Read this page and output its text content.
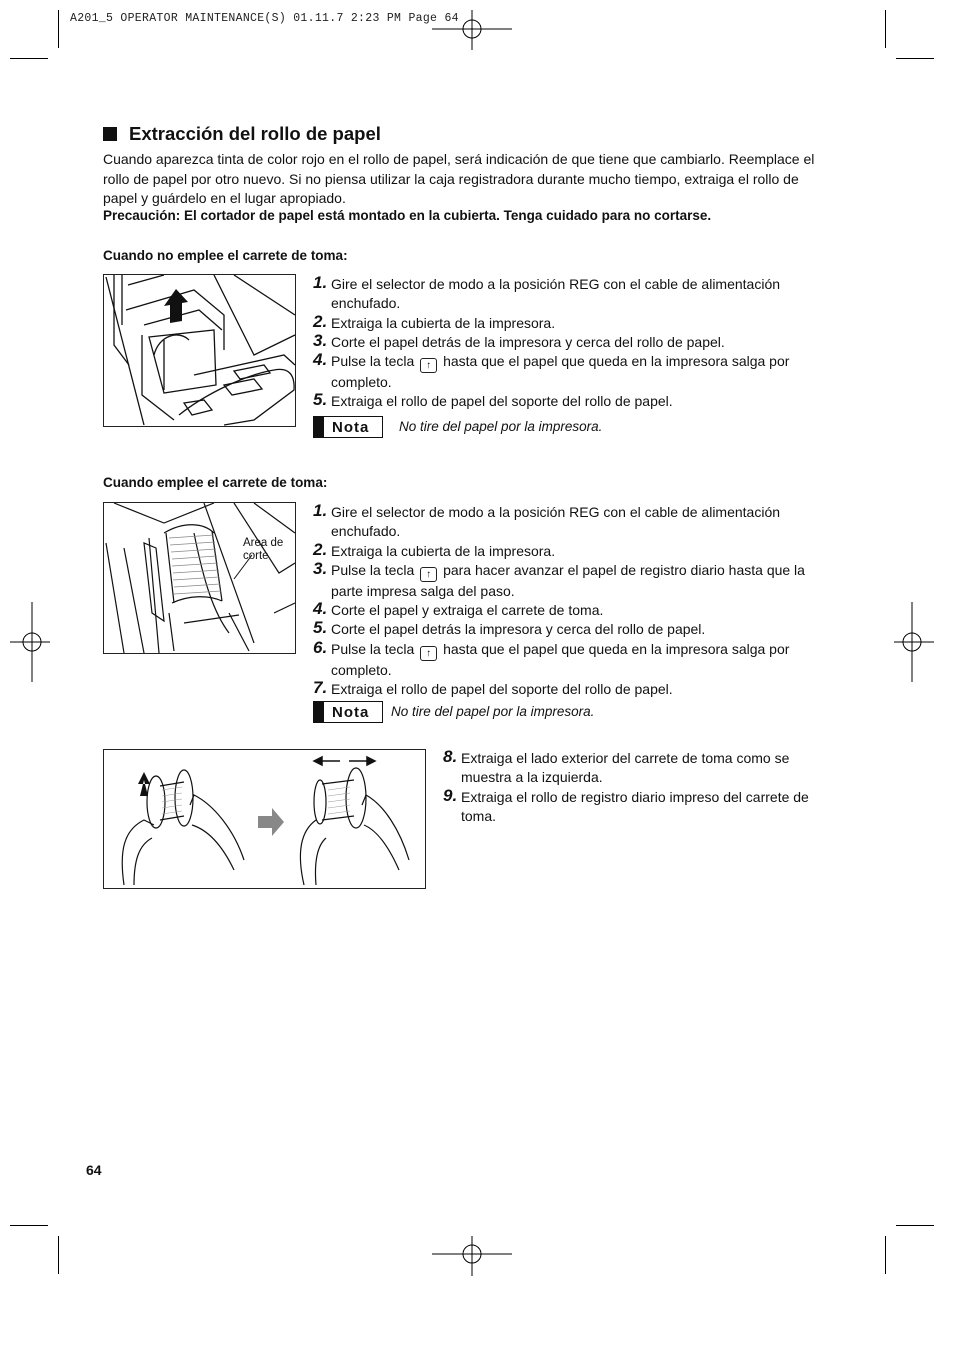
A201_5 OPERATOR MAINTENANCE(S) 01.11.7 2:23 PM Page 64
Extracción del rollo de papel
Cuando aparezca tinta de color rojo en el rollo de papel, será indicación de que tiene que cambiarlo. Reemplace el rollo de papel por otro nuevo. Si no piensa utilizar la caja registradora durante mucho tiempo, extraiga el rollo de papel y guárdelo en el lugar apropiado.
Precaución: El cortador de papel está montado en la cubierta. Tenga cuidado para no cortarse.
Cuando no emplee el carrete de toma:
1. Gire el selector de modo a la posición REG con el cable de alimentación enchufado.
2. Extraiga la cubierta de la impresora.
3. Corte el papel detrás de la impresora y cerca del rollo de papel.
4. Pulse la tecla ↑ hasta que el papel que queda en la impresora salga por completo.
5. Extraiga el rollo de papel del soporte del rollo de papel.
Nota No tire del papel por la impresora.
Cuando emplee el carrete de toma:
Area de
corte
1. Gire el selector de modo a la posición REG con el cable de alimentación enchufado.
2. Extraiga la cubierta de la impresora.
3. Pulse la tecla ↑ para hacer avanzar el papel de registro diario hasta que la parte impresa salga del paso.
4. Corte el papel y extraiga el carrete de toma.
5. Corte el papel detrás la impresora y cerca del rollo de papel.
6. Pulse la tecla ↑ hasta que el papel que queda en la impresora salga por completo.
7. Extraiga el rollo de papel del soporte del rollo de papel.
Nota No tire del papel por la impresora.
8. Extraiga el lado exterior del carrete de toma como se muestra a la izquierda.
9. Extraiga el rollo de registro diario impreso del carrete de toma.
64
